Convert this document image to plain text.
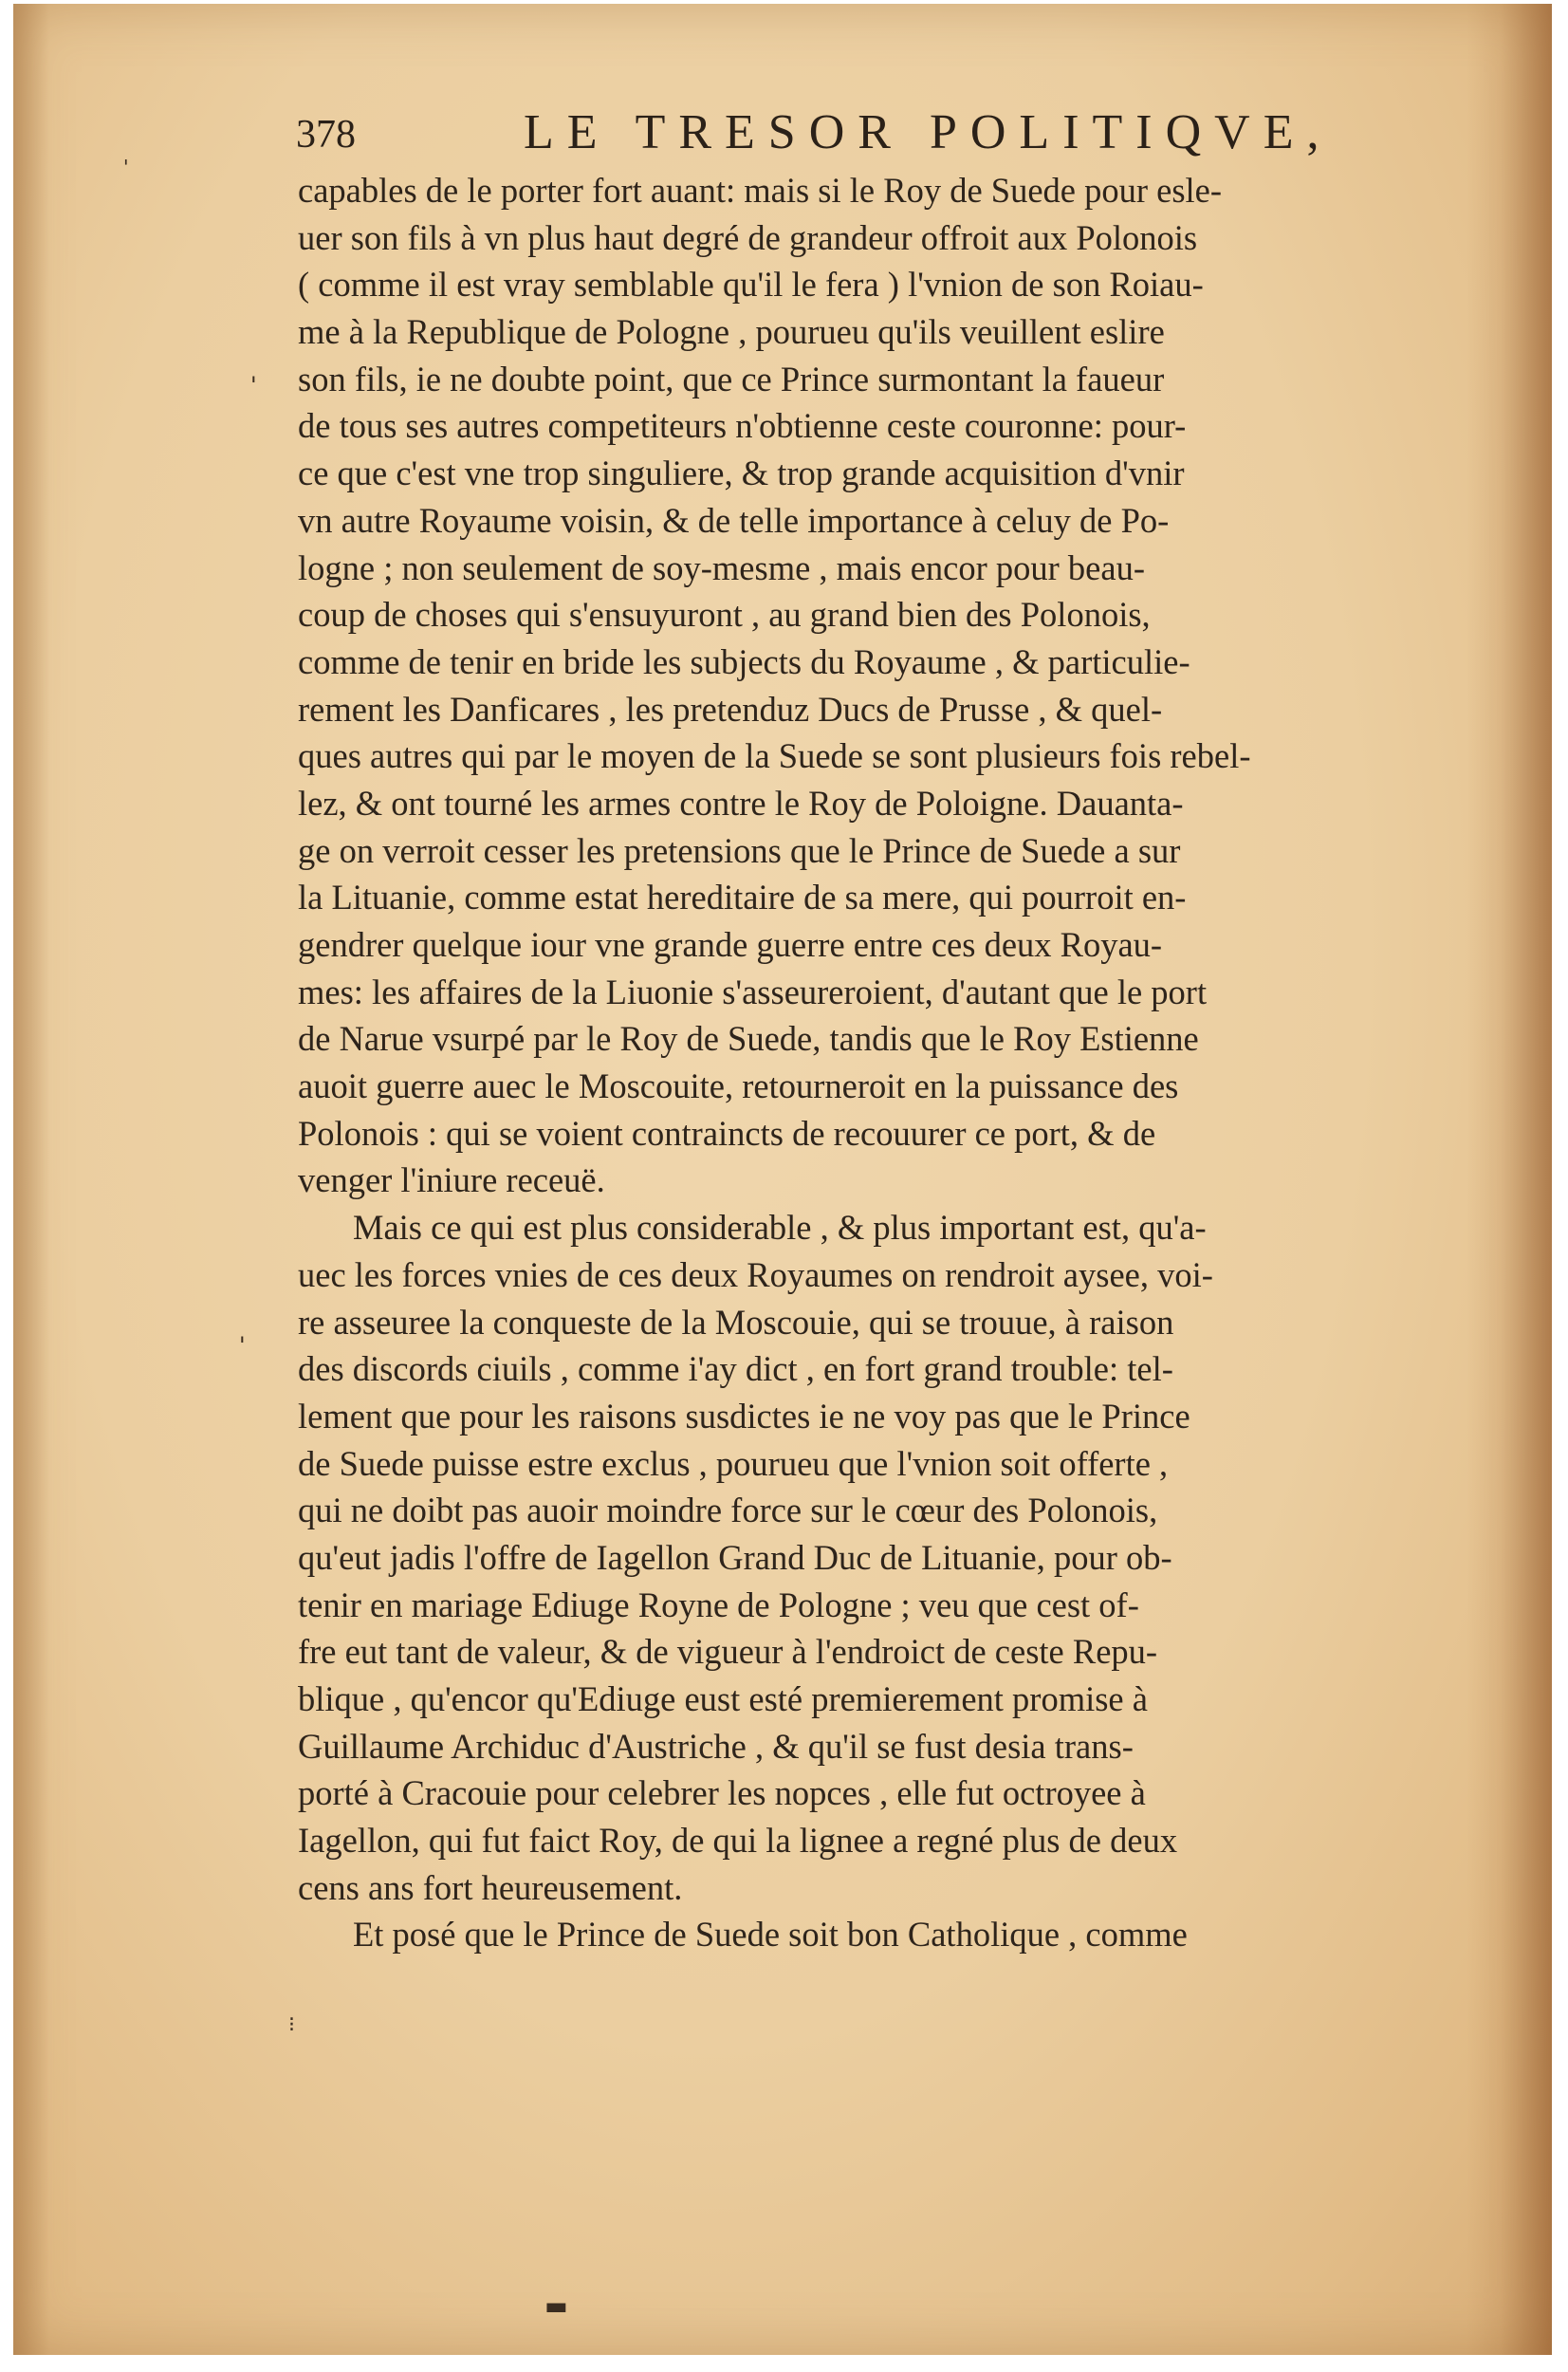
378	LE TRESOR POLITIQVE,
capables de le porter fort auant: mais si le Roy de Suede pour esle-
uer son fils à vn plus haut degré de grandeur offroit aux Polonois
( comme il est vray semblable qu'il le fera ) l'vnion de son Roiau-
me à la Republique de Pologne , pourueu qu'ils veuillent eslire
son fils, ie ne doubte point, que ce Prince surmontant la faueur
de tous ses autres competiteurs n'obtienne ceste couronne: pour-
ce que c'est vne trop singuliere, & trop grande acquisition d'vnir
vn autre Royaume voisin, & de telle importance à celuy de Po-
logne ; non seulement de soy-mesme , mais encor pour beau-
coup de choses qui s'ensuyuront , au grand bien des Polonois,
comme de tenir en bride les subjects du Royaume , & particulie-
rement les Danficares , les pretenduz Ducs de Prusse , & quel-
ques autres qui par le moyen de la Suede se sont plusieurs fois rebel-
lez, & ont tourné les armes contre le Roy de Poloigne. Dauanta-
ge on verroit cesser les pretensions que le Prince de Suede a sur
la Lituanie, comme estat hereditaire de sa mere, qui pourroit en-
gendrer quelque iour vne grande guerre entre ces deux Royau-
mes: les affaires de la Liuonie s'asseureroient, d'autant que le port
de Narue vsurpé par le Roy de Suede, tandis que le Roy Estienne
auoit guerre auec le Moscouite, retourneroit en la puissance des
Polonois : qui se voient contraincts de recouurer ce port, & de
venger l'iniure receuë.
Mais ce qui est plus considerable , & plus important est, qu'a-
uec les forces vnies de ces deux Royaumes on rendroit aysee, voi-
re asseuree la conqueste de la Moscouie, qui se trouue, à raison
des discords ciuils , comme i'ay dict , en fort grand trouble: tel-
lement que pour les raisons susdictes ie ne voy pas que le Prince
de Suede puisse estre exclus , pourueu que l'vnion soit offerte ,
qui ne doibt pas auoir moindre force sur le cœur des Polonois,
qu'eut jadis l'offre de Iagellon Grand Duc de Lituanie, pour ob-
tenir en mariage Ediuge Royne de Pologne ; veu que cest of-
fre eut tant de valeur, & de vigueur à l'endroict de ceste Repu-
blique , qu'encor qu'Ediuge eust esté premierement promise à
Guillaume Archiduc d'Austriche , & qu'il se fust desia trans-
porté à Cracouie pour celebrer les nopces , elle fut octroyee à
Iagellon, qui fut faict Roy, de qui la lignee a regné plus de deux
cens ans fort heureusement.
Et posé que le Prince de Suede soit bon Catholique , comme
'
'
'
▬
⁝
